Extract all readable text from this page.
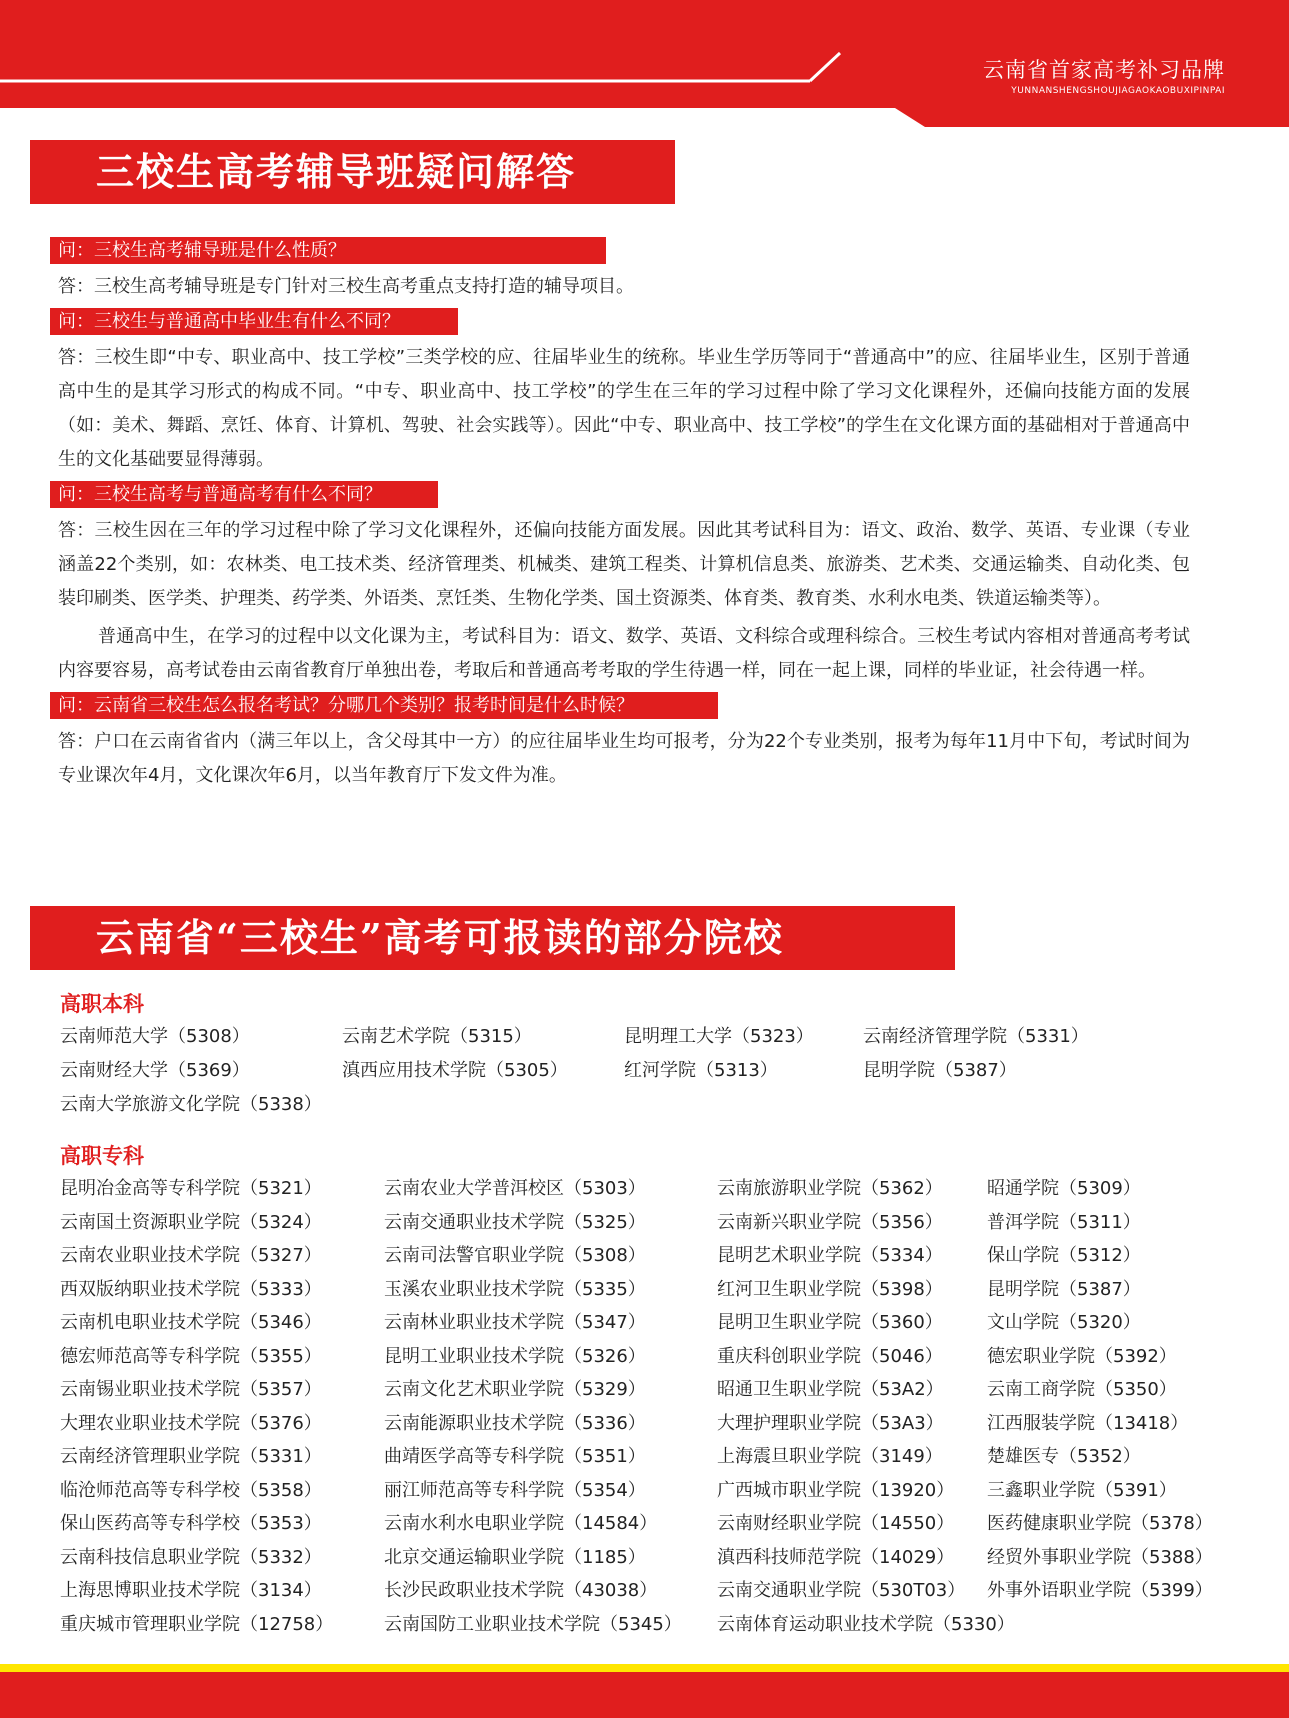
云南省首家高考补习品牌
YUNNANSHENGSHOUJIAGAOKAOBUXIPINPAI
三校生高考辅导班疑问解答
问：三校生高考辅导班是什么性质？

答：三校生高考辅导班是专门针对三校生高考重点支持打造的辅导项目。

问：三校生与普通高中毕业生有什么不同？

答：三校生即“中专、职业高中、技工学校”三类学校的应、往届毕业生的统称。毕业生学历等同于“普通高中”的应、往届毕业生，区别于普通高中生的是其学习形式的构成不同。“中专、职业高中、技工学校”的学生在三年的学习过程中除了学习文化课程外，还偏向技能方面的发展（如：美术、舞蹈、烹饪、体育、计算机、驾驶、社会实践等）。因此“中专、职业高中、技工学校”的学生在文化课方面的基础相对于普通高中生的文化基础要显得薄弱。

问：三校生高考与普通高考有什么不同？

答：三校生因在三年的学习过程中除了学习文化课程外，还偏向技能方面发展。因此其考试科目为：语文、政治、数学、英语、专业课（专业涵盖22个类别，如：农林类、电工技术类、经济管理类、机械类、建筑工程类、计算机信息类、旅游类、艺术类、交通运输类、自动化类、包装印刷类、医学类、护理类、药学类、外语类、烹饪类、生物化学类、国土资源类、体育类、教育类、水利水电类、铁道运输类等）。

普通高中生，在学习的过程中以文化课为主，考试科目为：语文、数学、英语、文科综合或理科综合。三校生考试内容相对普通高考考试内容要容易，高考试卷由云南省教育厅单独出卷，考取后和普通高考考取的学生待遇一样，同在一起上课，同样的毕业证，社会待遇一样。

问：云南省三校生怎么报名考试？分哪几个类别？报考时间是什么时候？

答：户口在云南省省内（满三年以上，含父母其中一方）的应往届毕业生均可报考，分为22个专业类别，报考为每年11月中下旬，考试时间为专业课次年4月，文化课次年6月，以当年教育厅下发文件为准。

云南省“三校生”高考可报读的部分院校
高职本科
云南师范大学（5308）	云南艺术学院（5315）	昆明理工大学（5323）	云南经济管理学院（5331）
云南财经大学（5369）	滇西应用技术学院（5305）	红河学院（5313）	昆明学院（5387）
云南大学旅游文化学院（5338）
高职专科
昆明冶金高等专科学院（5321）	云南农业大学普洱校区（5303）	云南旅游职业学院（5362） 昭通学院（5309）
云南国土资源职业学院（5324）	云南交通职业技术学院（5325）	云南新兴职业学院（5356） 普洱学院（5311）
云南农业职业技术学院（5327）	云南司法警官职业学院（5308）	昆明艺术职业学院（5334） 保山学院（5312）
西双版纳职业技术学院（5333）	玉溪农业职业技术学院（5335）	红河卫生职业学院（5398） 昆明学院（5387）
云南机电职业技术学院（5346）	云南林业职业技术学院（5347）	昆明卫生职业学院（5360） 文山学院（5320）
德宏师范高等专科学院（5355）	昆明工业职业技术学院（5326）	重庆科创职业学院（5046） 德宏职业学院（5392）
云南锡业职业技术学院（5357）	云南文化艺术职业学院（5329）	昭通卫生职业学院（53A2） 云南工商学院（5350）
大理农业职业技术学院（5376）	云南能源职业技术学院（5336）	大理护理职业学院（53A3） 江西服装学院（13418）
云南经济管理职业学院（5331）	曲靖医学高等专科学院（5351）	上海震旦职业学院（3149） 楚雄医专（5352）
临沧师范高等专科学校（5358）	丽江师范高等专科学院（5354）	广西城市职业学院（13920） 三鑫职业学院（5391）
保山医药高等专科学校（5353）	云南水利水电职业学院（14584）	云南财经职业学院（14550） 医药健康职业学院（5378）
云南科技信息职业学院（5332）	北京交通运输职业学院（1185）	滇西科技师范学院（14029） 经贸外事职业学院（5388）
上海思博职业技术学院（3134）	长沙民政职业技术学院（43038）	云南交通职业学院（530T03） 外事外语职业学院（5399）
重庆城市管理职业学院（12758）	云南国防工业职业技术学院（5345） 云南体育运动职业技术学院（5330）
